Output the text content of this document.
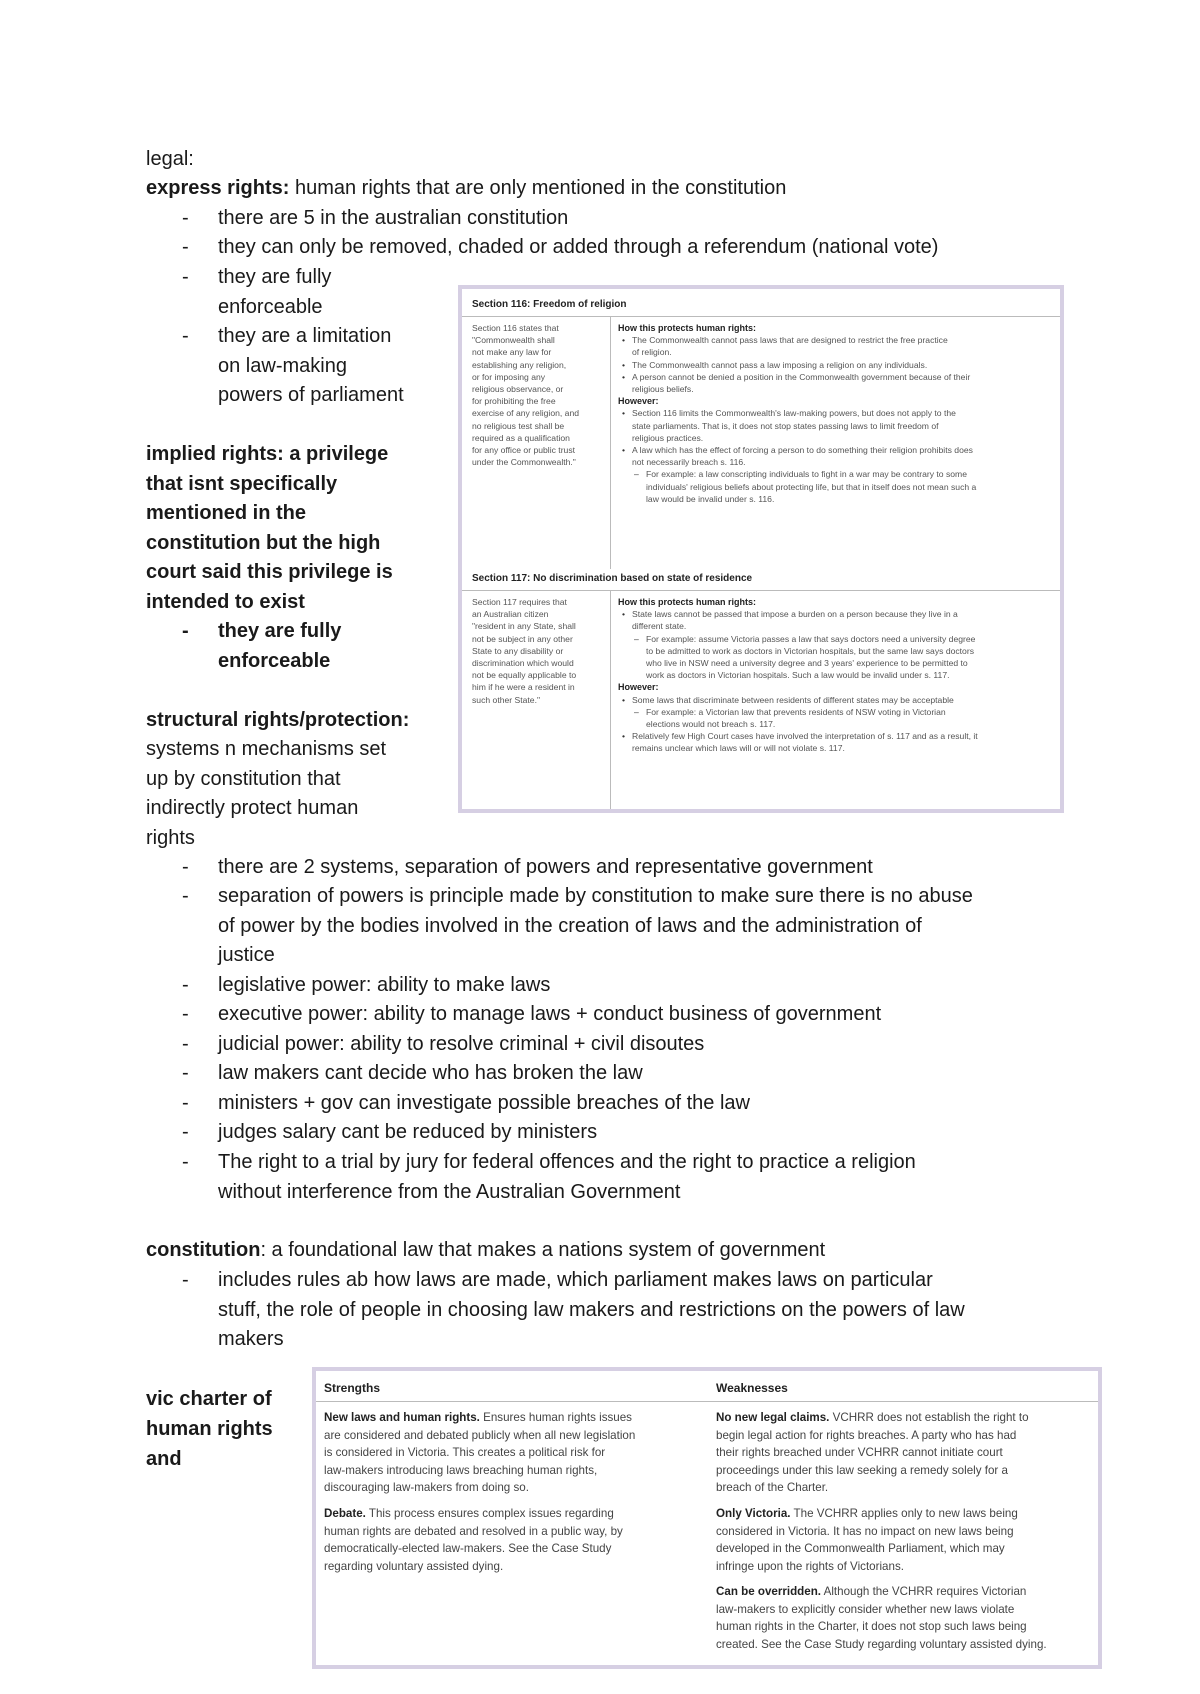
legal:
express rights: human rights that are only mentioned in the constitution
- there are 5 in the australian constitution
- they can only be removed, chaded or added through a referendum (national vote)
- they are fully
enforceable
- they are a limitation
on law-making
powers of parliament
implied rights: a privilege
that isnt specifically
mentioned in the
constitution but the high
court said this privilege is
intended to exist
- they are fully
enforceable
structural rights/protection:
systems n mechanisms set
up by constitution that
indirectly protect human
rights
- there are 2 systems, separation of powers and representative government
- separation of powers is principle made by constitution to make sure there is no abuse
of power by the bodies involved in the creation of laws and the administration of
justice
- legislative power: ability to make laws
- executive power: ability to manage laws + conduct business of government
- judicial power: ability to resolve criminal + civil disoutes
- law makers cant decide who has broken the law
- ministers + gov can investigate possible breaches of the law
- judges salary cant be reduced by ministers
- The right to a trial by jury for federal offences and the right to practice a religion
without interference from the Australian Government
constitution: a foundational law that makes a nations system of government
- includes rules ab how laws are made, which parliament makes laws on particular
stuff, the role of people in choosing law makers and restrictions on the powers of law
makers
vic charter of
human rights
and
Section 116: Freedom of religion
Section 116 states that
"Commonwealth shall
not make any law for
establishing any religion,
or for imposing any
religious observance, or
for prohibiting the free
exercise of any religion, and
no religious test shall be
required as a qualification
for any office or public trust
under the Commonwealth."
How this protects human rights:
• The Commonwealth cannot pass laws that are designed to restrict the free practice
of religion.
• The Commonwealth cannot pass a law imposing a religion on any individuals.
• A person cannot be denied a position in the Commonwealth government because of their
religious beliefs.
However:
• Section 116 limits the Commonwealth's law-making powers, but does not apply to the
state parliaments. That is, it does not stop states passing laws to limit freedom of
religious practices.
• A law which has the effect of forcing a person to do something their religion prohibits does
not necessarily breach s. 116.
– For example: a law conscripting individuals to fight in a war may be contrary to some
individuals' religious beliefs about protecting life, but that in itself does not mean such a
law would be invalid under s. 116.
Section 117: No discrimination based on state of residence
Section 117 requires that
an Australian citizen
"resident in any State, shall
not be subject in any other
State to any disability or
discrimination which would
not be equally applicable to
him if he were a resident in
such other State."
How this protects human rights:
• State laws cannot be passed that impose a burden on a person because they live in a
different state.
– For example: assume Victoria passes a law that says doctors need a university degree
to be admitted to work as doctors in Victorian hospitals, but the same law says doctors
who live in NSW need a university degree and 3 years' experience to be permitted to
work as doctors in Victorian hospitals. Such a law would be invalid under s. 117.
However:
• Some laws that discriminate between residents of different states may be acceptable
– For example: a Victorian law that prevents residents of NSW voting in Victorian
elections would not breach s. 117.
• Relatively few High Court cases have involved the interpretation of s. 117 and as a result, it
remains unclear which laws will or will not violate s. 117.
Strengths	Weaknesses
New laws and human rights. Ensures human rights issues
are considered and debated publicly when all new legislation
is considered in Victoria. This creates a political risk for
law-makers introducing laws breaching human rights,
discouraging law-makers from doing so.
Debate. This process ensures complex issues regarding
human rights are debated and resolved in a public way, by
democratically-elected law-makers. See the Case Study
regarding voluntary assisted dying.
No new legal claims. VCHRR does not establish the right to
begin legal action for rights breaches. A party who has had
their rights breached under VCHRR cannot initiate court
proceedings under this law seeking a remedy solely for a
breach of the Charter.
Only Victoria. The VCHRR applies only to new laws being
considered in Victoria. It has no impact on new laws being
developed in the Commonwealth Parliament, which may
infringe upon the rights of Victorians.
Can be overridden. Although the VCHRR requires Victorian
law-makers to explicitly consider whether new laws violate
human rights in the Charter, it does not stop such laws being
created. See the Case Study regarding voluntary assisted dying.
